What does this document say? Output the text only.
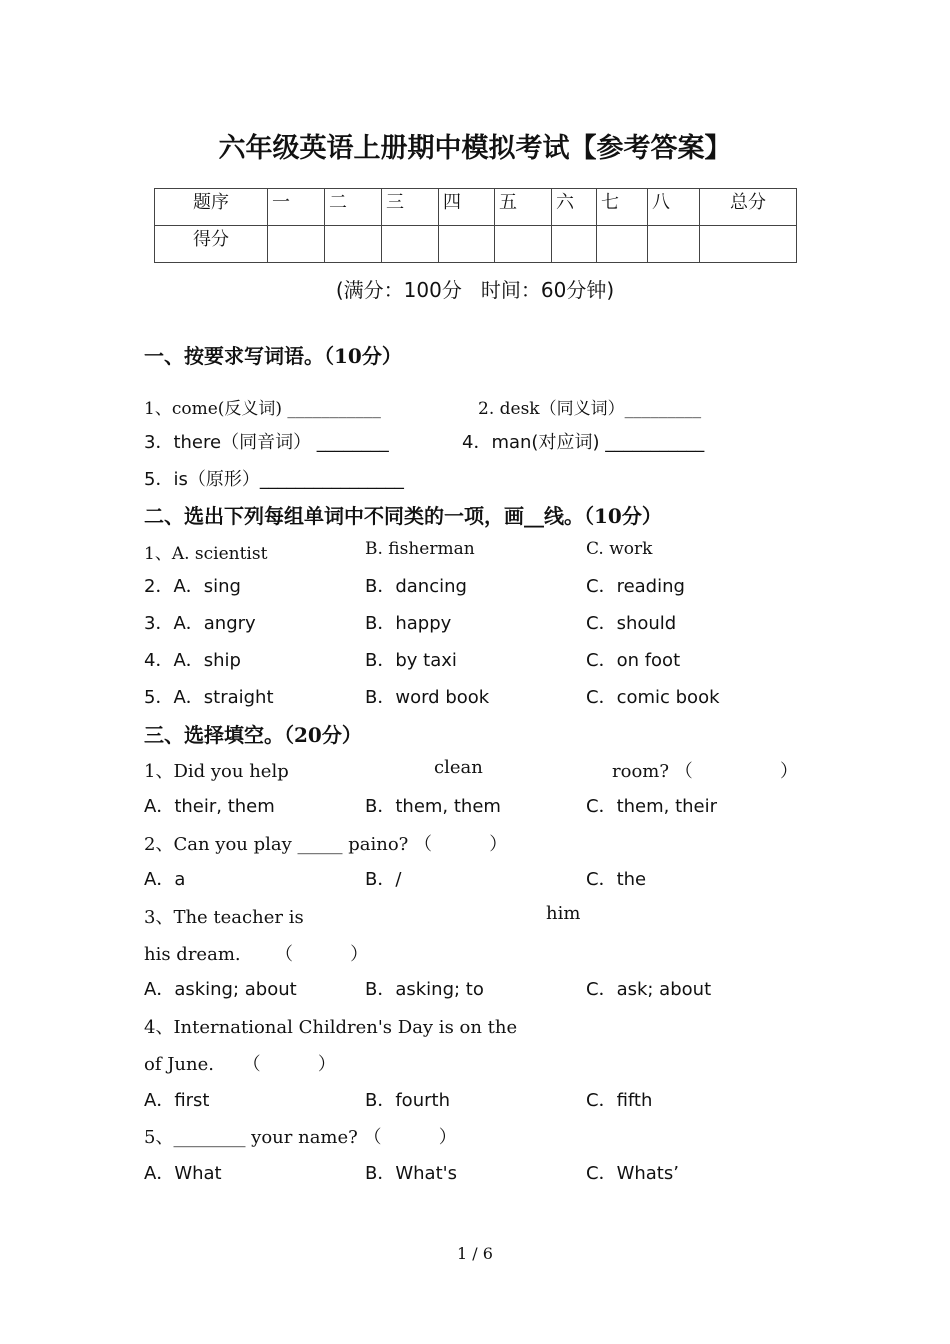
六年级英语上册期中模拟考试【参考答案】
题序	一	二	三	四	五	六	七	八	总分
得分									
(满分：100分   时间：60分钟)
一、按要求写词语。（10分）
1、come(反义词) ___________	2. desk（同义词）_________
3．there（同音词） ________	4．man(对应词) ___________
5．is（原形）________________
二、选出下列每组单词中不同类的一项，画__线。（10分）
1、A. scientist	B. fisherman	C. work
2．A．sing	B．dancing	C．reading
3．A．angry	B．happy	C．should
4．A．ship	B．by taxi	C．on foot
5．A．straight	B．word book	C．comic book
三、选择填空。（20分）
1、Did you help	clean	room? （	）
A．their, them	B．them, them	C．them, their
2、Can you play _____ paino? （          ）
A．a	B．/	C．the
3、The teacher is	him
his dream.      （          ）
A．asking; about	B．asking; to	C．ask; about
4、International Children's Day is on the
of June.     （          ）
A．first	B．fourth	C．fifth
5、________ your name? （          ）
A．What	B．What's	C．Whats’
1 / 6
